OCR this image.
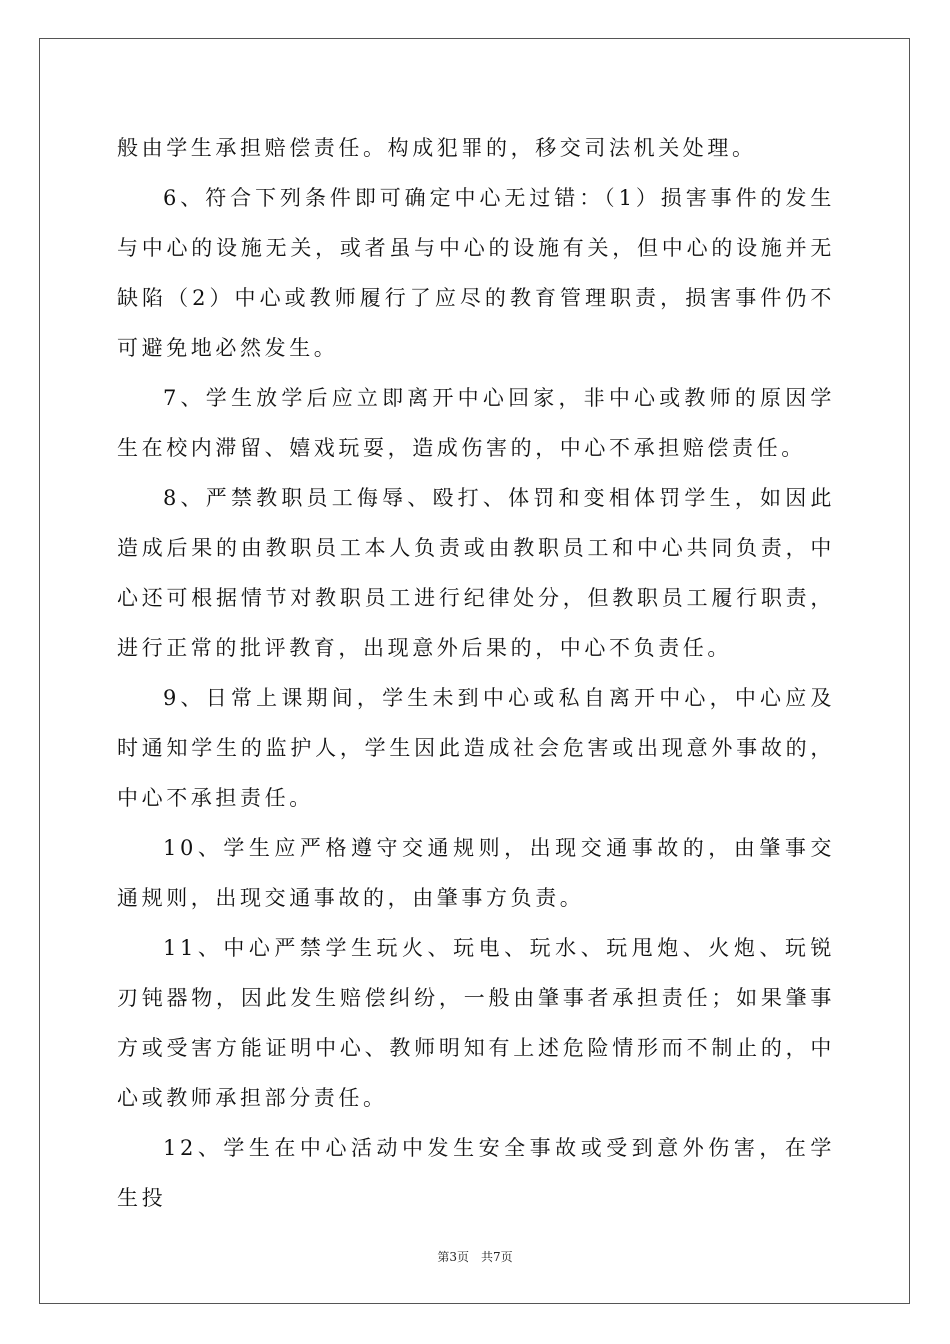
般由学生承担赔偿责任。构成犯罪的，移交司法机关处理。

6、符合下列条件即可确定中心无过错：（1）损害事件的发生与中心的设施无关，或者虽与中心的设施有关，但中心的设施并无缺陷（2）中心或教师履行了应尽的教育管理职责，损害事件仍不可避免地必然发生。

7、学生放学后应立即离开中心回家，非中心或教师的原因学生在校内滞留、嬉戏玩耍，造成伤害的，中心不承担赔偿责任。

8、严禁教职员工侮辱、殴打、体罚和变相体罚学生，如因此造成后果的由教职员工本人负责或由教职员工和中心共同负责，中心还可根据情节对教职员工进行纪律处分，但教职员工履行职责，进行正常的批评教育，出现意外后果的，中心不负责任。

9、日常上课期间，学生未到中心或私自离开中心，中心应及时通知学生的监护人，学生因此造成社会危害或出现意外事故的，中心不承担责任。

10、学生应严格遵守交通规则，出现交通事故的，由肇事交通规则，出现交通事故的，由肇事方负责。

11、中心严禁学生玩火、玩电、玩水、玩甩炮、火炮、玩锐刃钝器物，因此发生赔偿纠纷，一般由肇事者承担责任；如果肇事方或受害方能证明中心、教师明知有上述危险情形而不制止的，中心或教师承担部分责任。

12、学生在中心活动中发生安全事故或受到意外伤害，在学生投

第3页　共7页
